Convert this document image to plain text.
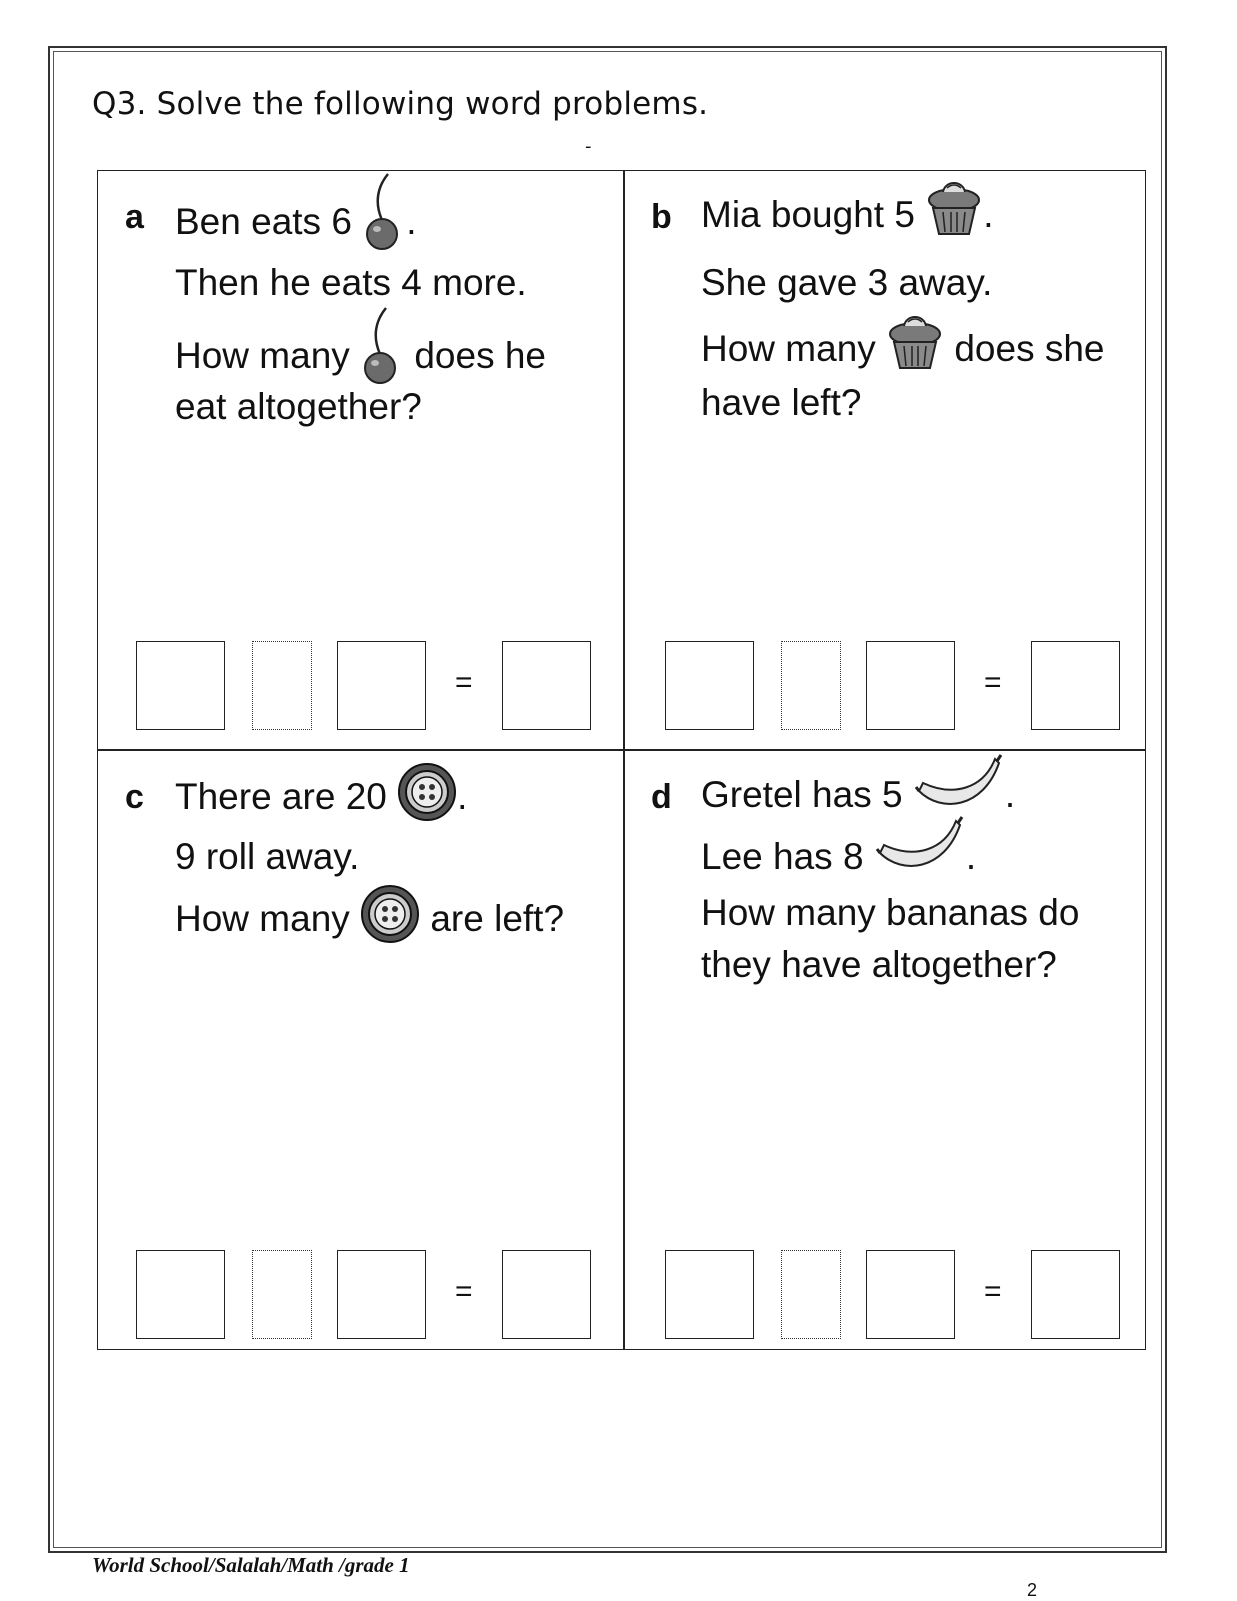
Q3. Solve the following word problems.
-
a Ben eats 6 .
Then he eats 4 more.
How many does he
eat altogether?
b Mia bought 5 .
She gave 3 away.
How many does she
have left?
c There are 20 .
9 roll away.
How many are left?
d Gretel has 5	.
Lee has 8	.
How many bananas do
they have altogether?
=	=
=	=
World School/Salalah/Math /grade 1
2
